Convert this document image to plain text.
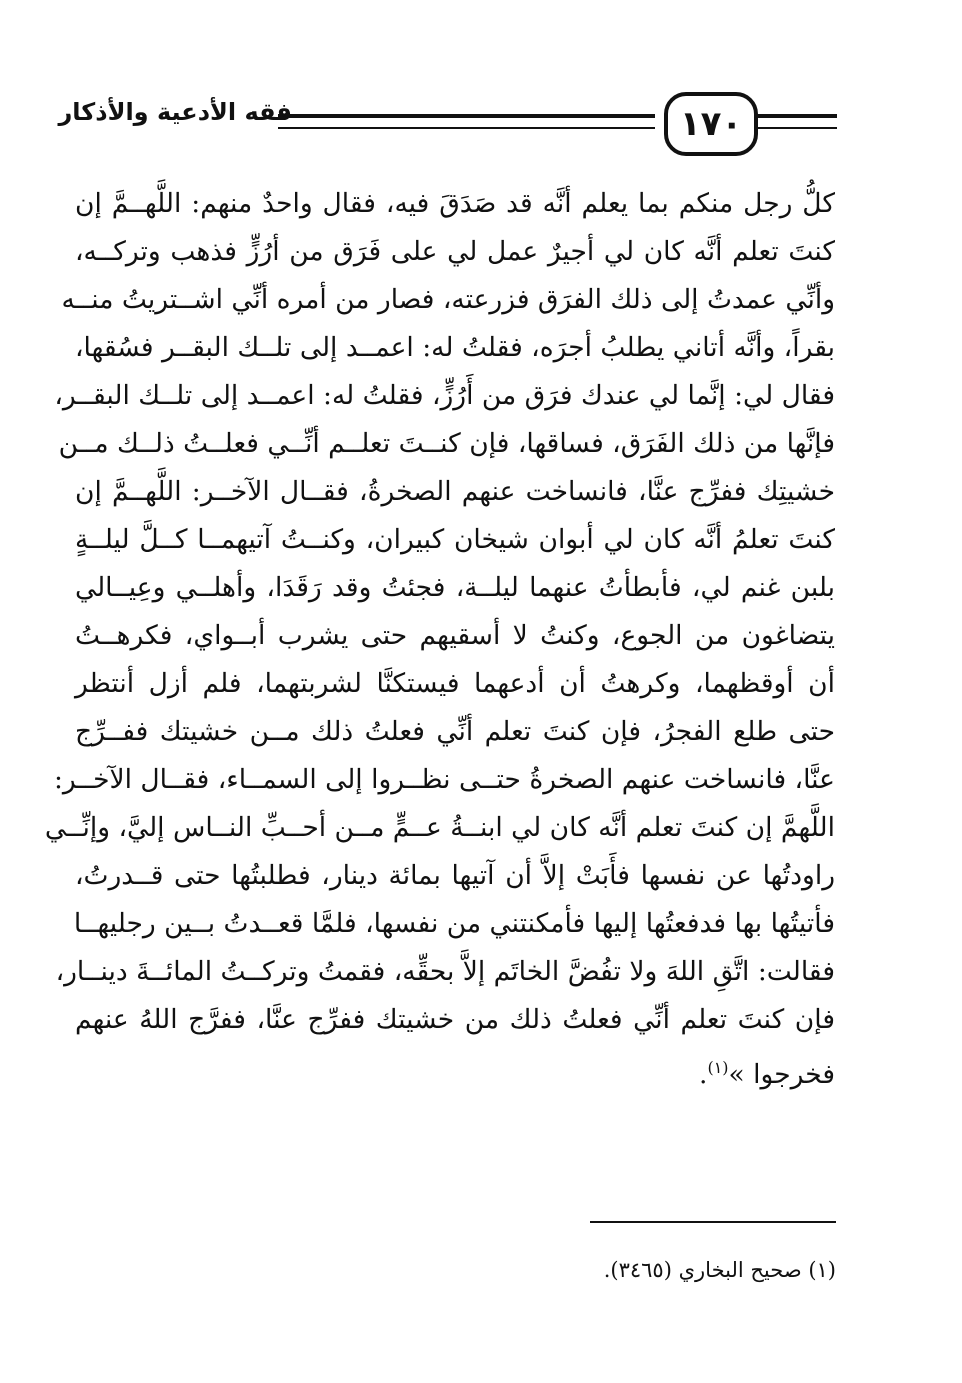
فقه الأدعية والأذكار	١٧٠
كلُّ رجل منكم بما يعلم أنَّه قد صَدَقَ فيه، فقال واحدٌ منهم: اللَّهــمَّ إن
كنتَ تعلم أنَّه كان لي أجيرٌ عمل لي على فَرَق من أرُزٍّ فذهب وتركــه،
وأنِّي عمدتُ إلى ذلك الفرَق فزرعته، فصار من أمره أنِّي اشــتريتُ منــه
بقراً، وأنَّه أتاني يطلبُ أجرَه، فقلتُ له: اعمــد إلى تلــك البقــر فسُقها،
فقال لي: إنَّما لي عندك فرَق من أَرُزٍّ، فقلتُ له: اعمــد إلى تلــك البقــر،
فإنَّها من ذلك الفَرَق، فساقها، فإن كنــتَ تعلــم أنِّــي فعلــتُ ذلــك مــن
خشيتِك ففرِّج عنَّا، فانساخت عنهم الصخرةُ، فقــال الآخــر: اللَّهــمَّ إن
كنتَ تعلمُ أنَّه كان لي أبوان شيخان كبيران، وكنــتُ آتيهمــا كــلَّ ليلــةٍ
بلبن غنم لي، فأبطأتُ عنهما ليلــة، فجئتُ وقد رَقَدَا، وأهلــي وعِيــالي
يتضاغون من الجوع، وكنتُ لا أسقيهم حتى يشرب أبــواي، فكرهــتُ
أن أوقظهما، وكرهتُ أن أدعهما فيستكنَّا لشربتهما، فلم أزل أنتظر
حتى طلع الفجرُ، فإن كنتَ تعلم أنِّي فعلتُ ذلك مــن خشيتك ففــرِّج
عنَّا، فانساخت عنهم الصخرةُ حتــى نظــروا إلى السمــاء، فقــال الآخــر:
اللَّهمَّ إن كنتَ تعلم أنَّه كان لي ابنــةُ عــمٍّ مــن أحــبِّ النــاس إليَّ، وإنِّــي
راودتُها عن نفسها فأَبَتْ إلاَّ أن آتيها بمائة دينار، فطلبتُها حتى قــدرتُ،
فأتيتُها بها فدفعتُها إليها فأمكنتني من نفسها، فلمَّا قعــدتُ بــين رجليهــا
فقالت: اتَّقِ اللهَ ولا تفُضَّ الخاتَم إلاَّ بحقِّه، فقمتُ وتركــتُ المائــةَ دينــار،
فإن كنتَ تعلم أنِّي فعلتُ ذلك من خشيتك ففرِّج عنَّا، ففرَّج اللهُ عنهم
فخرجوا »$^{(١)}$.
(١) صحيح البخاري (٣٤٦٥).
